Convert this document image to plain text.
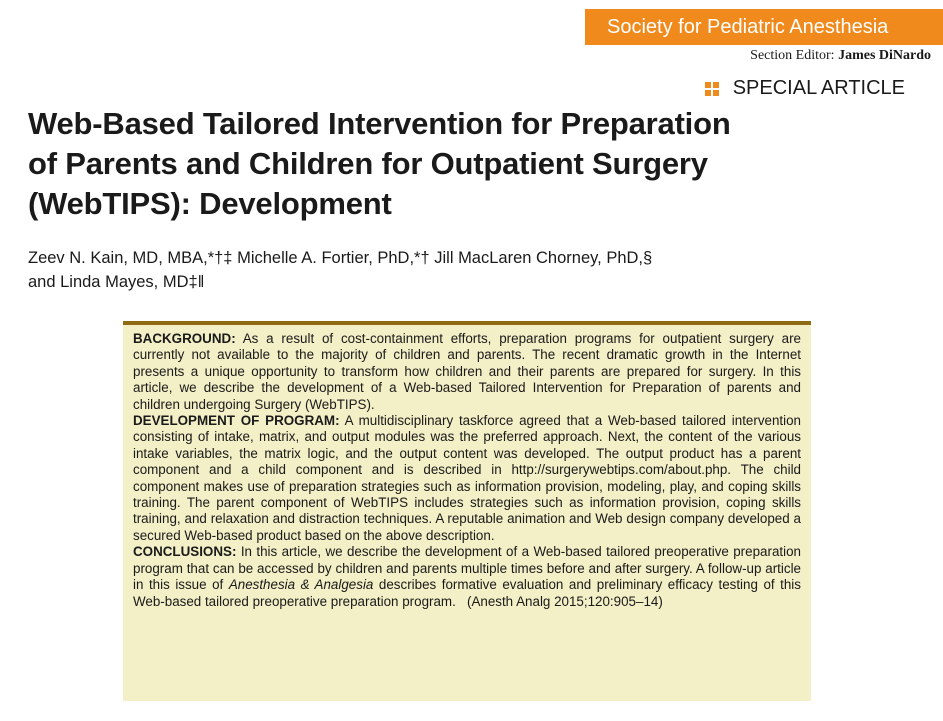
Society for Pediatric Anesthesia
Section Editor: James DiNardo
SPECIAL ARTICLE
Web-Based Tailored Intervention for Preparation
of Parents and Children for Outpatient Surgery
(WebTIPS): Development
Zeev N. Kain, MD, MBA,*†‡ Michelle A. Fortier, PhD,*† Jill MacLaren Chorney, PhD,§
and Linda Mayes, MD‡‖

BACKGROUND: As a result of cost-containment efforts, preparation programs for outpatient surgery are currently not available to the majority of children and parents. The recent dramatic growth in the Internet presents a unique opportunity to transform how children and their parents are prepared for surgery. In this article, we describe the development of a Web-based Tailored Intervention for Preparation of parents and children undergoing Surgery (WebTIPS).

DEVELOPMENT OF PROGRAM: A multidisciplinary taskforce agreed that a Web-based tailored intervention consisting of intake, matrix, and output modules was the preferred approach. Next, the content of the various intake variables, the matrix logic, and the output content was developed. The output product has a parent component and a child component and is described in http://surgerywebtips.com/about.php. The child component makes use of preparation strategies such as information provision, modeling, play, and coping skills training. The parent component of WebTIPS includes strategies such as information provision, coping skills training, and relaxation and distraction techniques. A reputable animation and Web design company developed a secured Web-based product based on the above description.

CONCLUSIONS: In this article, we describe the development of a Web-based tailored preoperative preparation program that can be accessed by children and parents multiple times before and after surgery. A follow-up article in this issue of Anesthesia & Analgesia describes formative evaluation and preliminary efficacy testing of this Web-based tailored preoperative preparation program. (Anesth Analg 2015;120:905–14)
